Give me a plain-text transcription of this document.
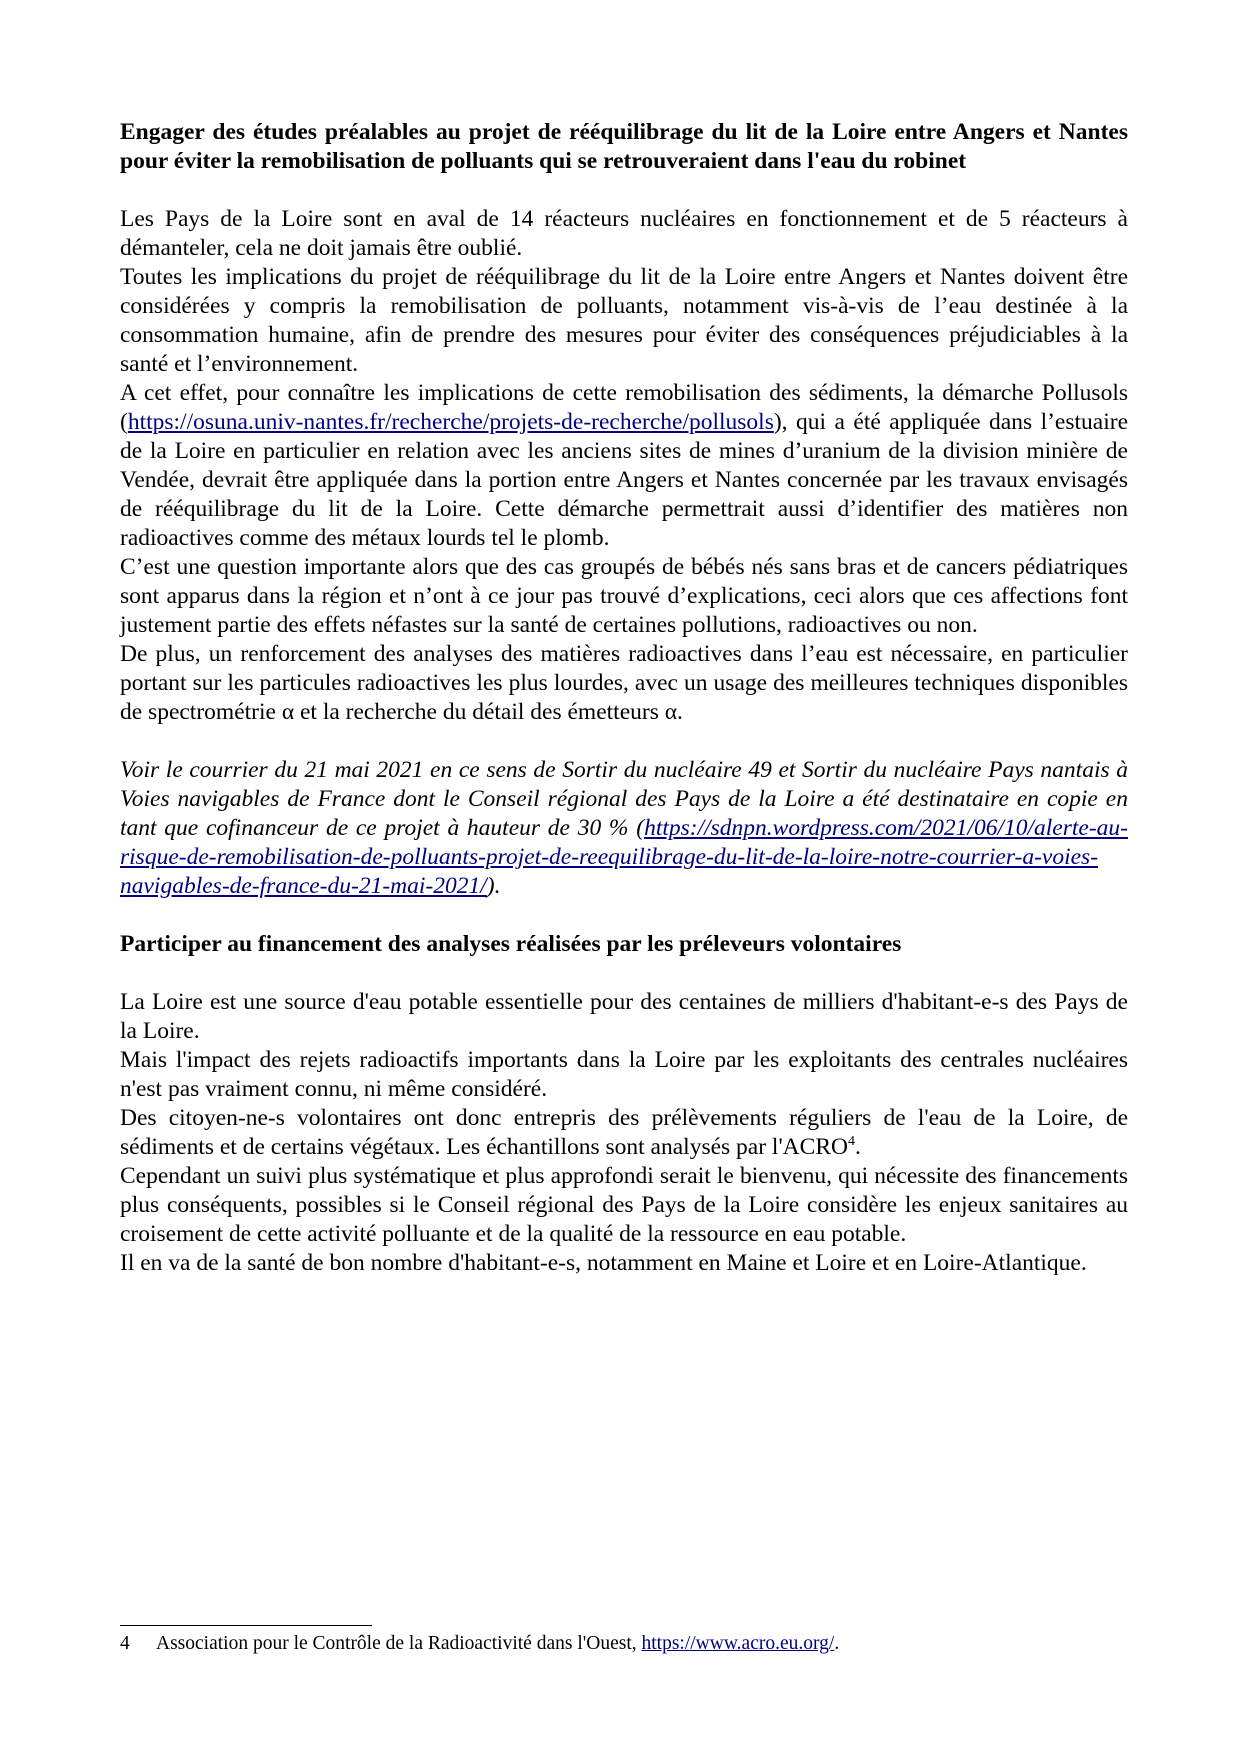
Engager des études préalables au projet de rééquilibrage du lit de la Loire entre Angers et Nantes pour éviter la remobilisation de polluants qui se retrouveraient dans l'eau du robinet

Les Pays de la Loire sont en aval de 14 réacteurs nucléaires en fonctionnement et de 5 réacteurs à démanteler, cela ne doit jamais être oublié.

Toutes les implications du projet de rééquilibrage du lit de la Loire entre Angers et Nantes doivent être considérées y compris la remobilisation de polluants, notamment vis-à-vis de l’eau destinée à la consommation humaine, afin de prendre des mesures pour éviter des conséquences préjudiciables à la santé et l’environnement.

A cet effet, pour connaître les implications de cette remobilisation des sédiments, la démarche Pollusols (https://osuna.univ-nantes.fr/recherche/projets-de-recherche/pollusols), qui a été appliquée dans l’estuaire de la Loire en particulier en relation avec les anciens sites de mines d’uranium de la division minière de Vendée, devrait être appliquée dans la portion entre Angers et Nantes concernée par les travaux envisagés de rééquilibrage du lit de la Loire. Cette démarche permettrait aussi d’identifier des matières non radioactives comme des métaux lourds tel le plomb.

C’est une question importante alors que des cas groupés de bébés nés sans bras et de cancers pédiatriques sont apparus dans la région et n’ont à ce jour pas trouvé d’explications, ceci alors que ces affections font justement partie des effets néfastes sur la santé de certaines pollutions, radioactives ou non.

De plus, un renforcement des analyses des matières radioactives dans l’eau est nécessaire, en particulier portant sur les particules radioactives les plus lourdes, avec un usage des meilleures techniques disponibles de spectrométrie α et la recherche du détail des émetteurs α.

Voir le courrier du 21 mai 2021 en ce sens de Sortir du nucléaire 49 et Sortir du nucléaire Pays nantais à Voies navigables de France dont le Conseil régional des Pays de la Loire a été destinataire en copie en tant que cofinanceur de ce projet à hauteur de 30 % (https://sdnpn.wordpress.com/2021/06/10/alerte-au-risque-de-remobilisation-de-polluants-projet-de-reequilibrage-du-lit-de-la-loire-notre-courrier-a-voies-navigables-de-france-du-21-mai-2021/).

Participer au financement des analyses réalisées par les préleveurs volontaires

La Loire est une source d'eau potable essentielle pour des centaines de milliers d'habitant-e-s des Pays de la Loire.

Mais l'impact des rejets radioactifs importants dans la Loire par les exploitants des centrales nucléaires n'est pas vraiment connu, ni même considéré.

Des citoyen-ne-s volontaires ont donc entrepris des prélèvements réguliers de l'eau de la Loire, de sédiments et de certains végétaux. Les échantillons sont analysés par l'ACRO$^4$.

Cependant un suivi plus systématique et plus approfondi serait le bienvenu, qui nécessite des financements plus conséquents, possibles si le Conseil régional des Pays de la Loire considère les enjeux sanitaires au croisement de cette activité polluante et de la qualité de la ressource en eau potable.

Il en va de la santé de bon nombre d'habitant-e-s, notamment en Maine et Loire et en Loire-Atlantique.

4 Association pour le Contrôle de la Radioactivité dans l'Ouest, https://www.acro.eu.org/.
